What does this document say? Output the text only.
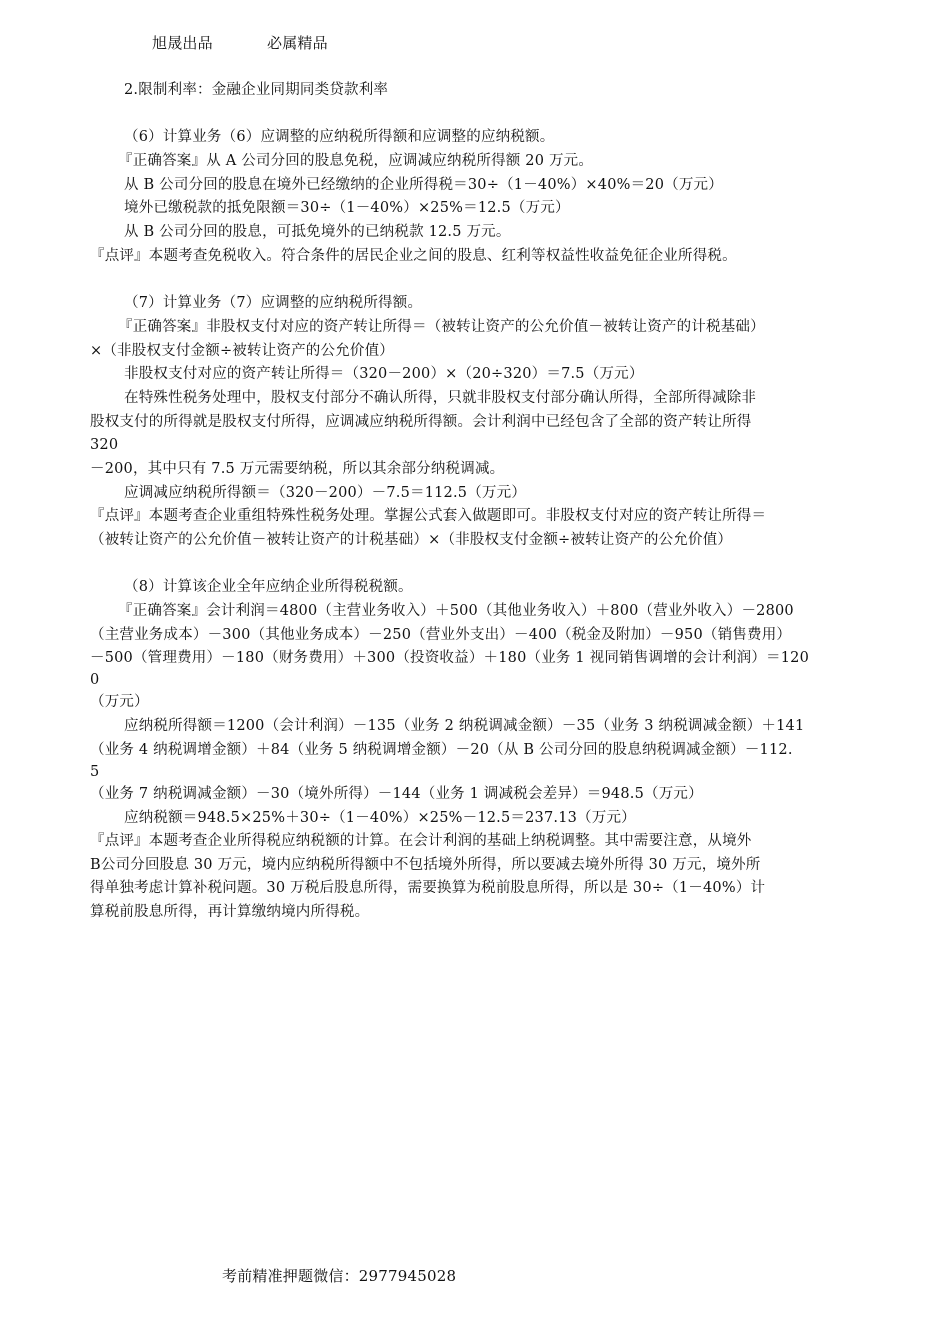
旭晟出品	必属精品
2.限制利率：金融企业同期同类贷款利率
（6）计算业务（6）应调整的应纳税所得额和应调整的应纳税额。
『正确答案』从 A 公司分回的股息免税，应调减应纳税所得额 20 万元。
从 B 公司分回的股息在境外已经缴纳的企业所得税＝30÷（1－40%）×40%＝20（万元）
境外已缴税款的抵免限额＝30÷（1－40%）×25%＝12.5（万元）
从 B 公司分回的股息，可抵免境外的已纳税款 12.5 万元。
『点评』本题考查免税收入。符合条件的居民企业之间的股息、红利等权益性收益免征企业所得税。
（7）计算业务（7）应调整的应纳税所得额。
『正确答案』非股权支付对应的资产转让所得＝（被转让资产的公允价值－被转让资产的计税基础）
×（非股权支付金额÷被转让资产的公允价值）
非股权支付对应的资产转让所得＝（320－200）×（20÷320）＝7.5（万元）
在特殊性税务处理中，股权支付部分不确认所得，只就非股权支付部分确认所得，全部所得减除非
股权支付的所得就是股权支付所得，应调减应纳税所得额。会计利润中已经包含了全部的资产转让所得
320
－200，其中只有 7.5 万元需要纳税，所以其余部分纳税调减。
应调减应纳税所得额＝（320－200）－7.5＝112.5（万元）
『点评』本题考查企业重组特殊性税务处理。掌握公式套入做题即可。非股权支付对应的资产转让所得＝
（被转让资产的公允价值－被转让资产的计税基础）×（非股权支付金额÷被转让资产的公允价值）
（8）计算该企业全年应纳企业所得税税额。
『正确答案』会计利润＝4800（主营业务收入）＋500（其他业务收入）＋800（营业外收入）－2800
（主营业务成本）－300（其他业务成本）－250（营业外支出）－400（税金及附加）－950（销售费用）
－500（管理费用）－180（财务费用）＋300（投资收益）＋180（业务 1 视同销售调增的会计利润）＝120
0
（万元）
应纳税所得额＝1200（会计利润）－135（业务 2 纳税调减金额）－35（业务 3 纳税调减金额）＋141
（业务 4 纳税调增金额）＋84（业务 5 纳税调增金额）－20（从 B 公司分回的股息纳税调减金额）－112.
5
（业务 7 纳税调减金额）－30（境外所得）－144（业务 1 调减税会差异）＝948.5（万元）
应纳税额＝948.5×25%＋30÷（1－40%）×25%－12.5＝237.13（万元）
『点评』本题考查企业所得税应纳税额的计算。在会计利润的基础上纳税调整。其中需要注意，从境外
B公司分回股息 30 万元，境内应纳税所得额中不包括境外所得，所以要减去境外所得 30 万元，境外所
得单独考虑计算补税问题。30 万税后股息所得，需要换算为税前股息所得，所以是 30÷（1－40%）计
算税前股息所得，再计算缴纳境内所得税。
考前精准押题微信：2977945028
